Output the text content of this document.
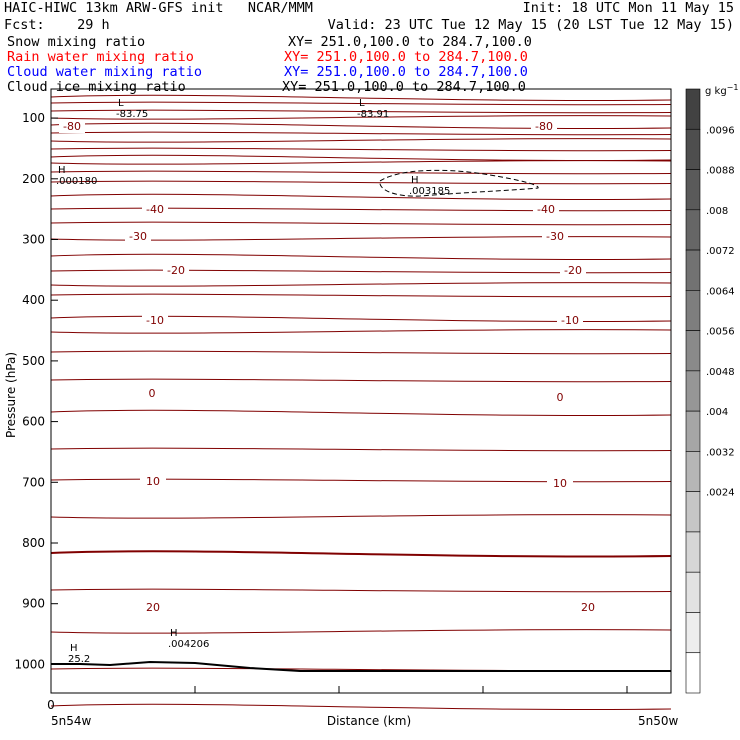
HAIC-HIWC 13km ARW-GFS init   NCAR/MMM	Init: 18 UTC Mon 11 May 15
Fcst:    29 h	Valid: 23 UTC Tue 12 May 15 (20 LST Tue 12 May 15)
Snow mixing ratio	XY= 251.0,100.0 to 284.7,100.0
Rain water mixing ratio	XY= 251.0,100.0 to 284.7,100.0
Cloud water mixing ratio	XY= 251.0,100.0 to 284.7,100.0
Cloud ice mixing ratio	XY= 251.0,100.0 to 284.7,100.0
-80	-80
-40	-40
-30	-30
-20	-20
-10	-10
0	0
10	10
20	20
L
-83.75
L
-83.91
H
.000180	H
.003185
H
25.2
H
.004206
100
200
300
400
500
600
700
800
900
1000
Pressure (hPa)
Distance (km)
0
5n54w	5n50w
.0096
.0088
.008
.0072
.0064
.0056
.0048
.004
.0032
.0024
g $kg^{-1}$
